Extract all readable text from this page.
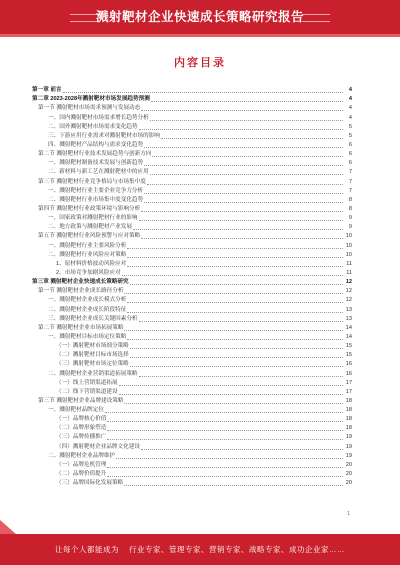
溅射靶材企业快速成长策略研究报告
内容目录
第一章 前言	4
第二章 2023-2028年溅射靶材市场发展趋势预测	4
第一节 溅射靶材市场需求预测与发展动态	4
一、国内溅射靶材市场需求增长趋势分析	4
二、国外溅射靶材市场需求变化趋势	5
三、下游应用行业需求对溅射靶材市场的影响	5
四、溅射靶材产品结构与需求变化趋势	6
第二节 溅射靶材行业技术发展趋势与创新方向	6
一、溅射靶材制备技术发展与创新趋势	6
二、新材料与新工艺在溅射靶材中的应用	7
第三节 溅射靶材行业竞争格局与市场集中度	7
一、溅射靶材行业主要企业竞争力分析	7
二、溅射靶材行业市场集中度变化趋势	8
第四节 溅射靶材行业政策环境与影响分析	8
一、国家政策对溅射靶材行业的影响	9
二、地方政策与溅射靶材产业发展	9
第五节 溅射靶材行业风险预警与应对策略	10
一、溅射靶材行业主要风险分析	10
二、溅射靶材行业风险应对策略	10
1、原材料价格波动风险应对	11
2、市场竞争加剧风险应对	11
第三章 溅射靶材企业快速成长策略研究	12
第一节 溅射靶材企业成长路径分析	12
一、溅射靶材企业成长模式分析	12
二、溅射靶材企业成长阶段特征	13
三、溅射靶材企业成长关键因素分析	13
第二节 溅射靶材企业市场拓展策略	14
一、溅射靶材目标市场定位策略	14
（一）溅射靶材市场细分策略	15
（二）溅射靶材目标市场选择	15
（三）溅射靶材市场定位策略	16
二、溅射靶材企业营销渠道拓展策略	16
（一）线上营销渠道拓展	17
（二）线下营销渠道建设	17
第三节 溅射靶材企业品牌建设策略	18
一、溅射靶材品牌定位	18
（一）品牌核心价值	18
（二）品牌形象塑造	18
（三）品牌传播推广	19
（四）溅射靶材企业品牌文化建设	19
二、溅射靶材企业品牌维护	19
（一）品牌危机管理	20
（二）品牌价值提升	20
（三）品牌国际化发展策略	20
1
让每个人都能成为 行业专家、管理专家、营销专家、战略专家、成功企业家……
